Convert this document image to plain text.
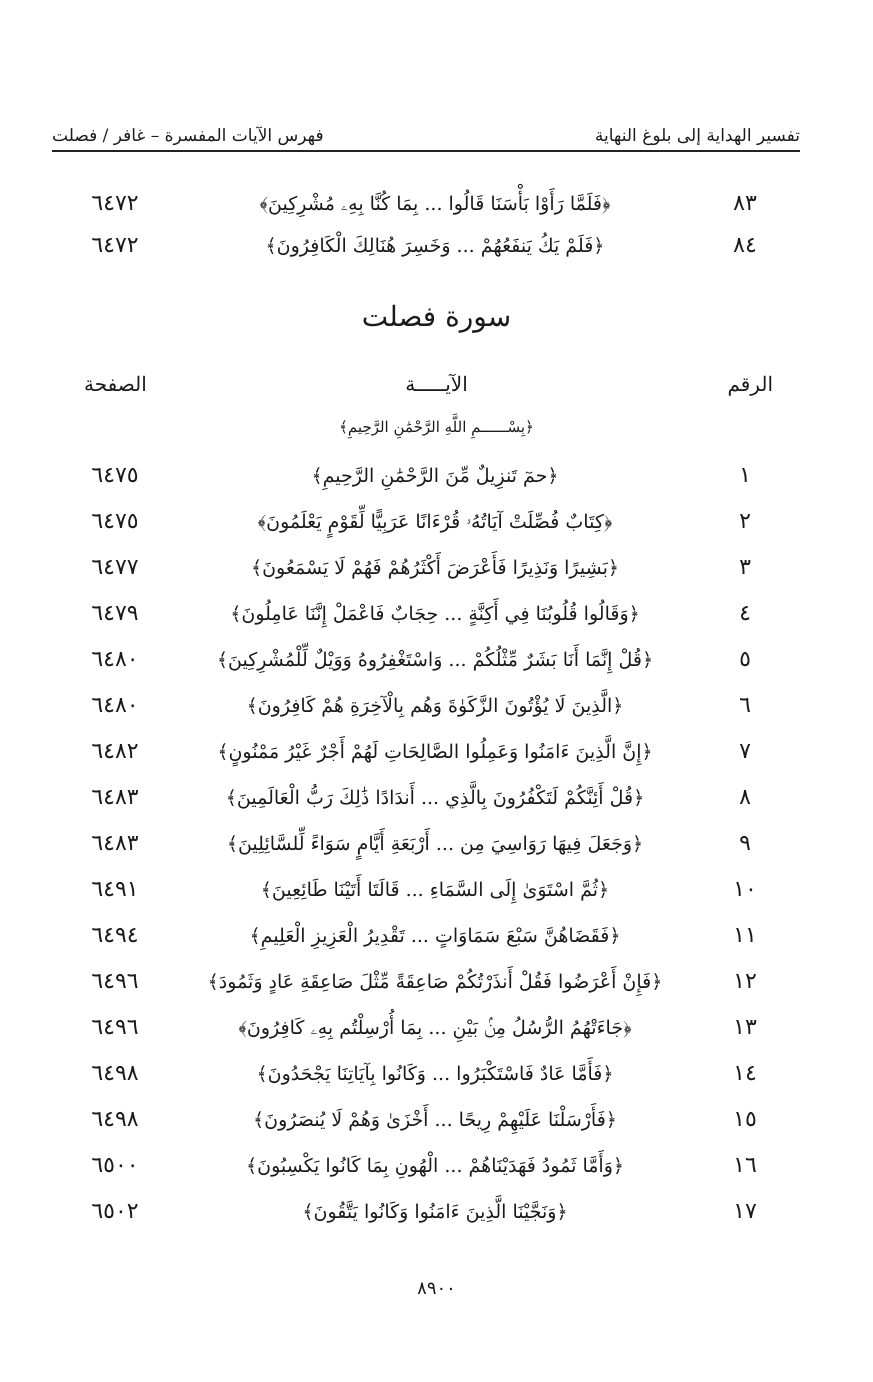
فهرس الآيات المفسرة – غافر / فصلت	تفسير الهداية إلى بلوغ النهاية
٨٣
﴿فَلَمَّا رَأَوْا بَأْسَنَا قَالُوا ... بِمَا كُنَّا بِهِۦ مُشْرِكِينَ﴾
٦٤٧٢
٨٤
﴿فَلَمْ يَكُ يَنفَعُهُمْ ... وَخَسِرَ هُنَالِكَ الْكَافِرُونَ﴾
٦٤٧٢
سورة فصلت
الرقم
الآيـــــة
الصفحة
﴿بِسْــــــمِ اللَّهِ الرَّحْمَٰنِ الرَّحِيمِ﴾
١
﴿حمٓ تَنزِيلٌ مِّنَ الرَّحْمَٰنِ الرَّحِيمِ﴾
٦٤٧٥
٢
﴿كِتَابٌ فُصِّلَتْ آيَاتُهُۥ قُرْءَانًا عَرَبِيًّا لِّقَوْمٍ يَعْلَمُونَ﴾
٦٤٧٥
٣
﴿بَشِيرًا وَنَذِيرًا فَأَعْرَضَ أَكْثَرُهُمْ فَهُمْ لَا يَسْمَعُونَ﴾
٦٤٧٧
٤
﴿وَقَالُوا قُلُوبُنَا فِي أَكِنَّةٍ ... حِجَابٌ فَاعْمَلْ إِنَّنَا عَامِلُونَ﴾
٦٤٧٩
٥
﴿قُلْ إِنَّمَا أَنَا بَشَرٌ مِّثْلُكُمْ ... وَاسْتَغْفِرُوهُ وَوَيْلٌ لِّلْمُشْرِكِينَ﴾
٦٤٨٠
٦
﴿الَّذِينَ لَا يُؤْتُونَ الزَّكَوٰةَ وَهُم بِالْآخِرَةِ هُمْ كَافِرُونَ﴾
٦٤٨٠
٧
﴿إِنَّ الَّذِينَ ءَامَنُوا وَعَمِلُوا الصَّالِحَاتِ لَهُمْ أَجْرٌ غَيْرُ مَمْنُونٍ﴾
٦٤٨٢
٨
﴿قُلْ أَئِنَّكُمْ لَتَكْفُرُونَ بِالَّذِي ... أَندَادًا ذَٰلِكَ رَبُّ الْعَالَمِينَ﴾
٦٤٨٣
٩
﴿وَجَعَلَ فِيهَا رَوَاسِيَ مِن ... أَرْبَعَةِ أَيَّامٍ سَوَاءً لِّلسَّائِلِينَ﴾
٦٤٨٣
١٠
﴿ثُمَّ اسْتَوَىٰ إِلَى السَّمَاءِ ... قَالَتَا أَتَيْنَا طَائِعِينَ﴾
٦٤٩١
١١
﴿فَقَضَاهُنَّ سَبْعَ سَمَاوَاتٍ ... تَقْدِيرُ الْعَزِيزِ الْعَلِيمِ﴾
٦٤٩٤
١٢
﴿فَإِنْ أَعْرَضُوا فَقُلْ أَنذَرْتُكُمْ صَاعِقَةً مِّثْلَ صَاعِقَةِ عَادٍ وَثَمُودَ﴾
٦٤٩٦
١٣
﴿جَاءَتْهُمُ الرُّسُلُ مِنۢ بَيْنِ ... بِمَا أُرْسِلْتُم بِهِۦ كَافِرُونَ﴾
٦٤٩٦
١٤
﴿فَأَمَّا عَادٌ فَاسْتَكْبَرُوا ... وَكَانُوا بِآيَاتِنَا يَجْحَدُونَ﴾
٦٤٩٨
١٥
﴿فَأَرْسَلْنَا عَلَيْهِمْ رِيحًا ... أَخْزَىٰ وَهُمْ لَا يُنصَرُونَ﴾
٦٤٩٨
١٦
﴿وَأَمَّا ثَمُودُ فَهَدَيْنَاهُمْ ... الْهُونِ بِمَا كَانُوا يَكْسِبُونَ﴾
٦٥٠٠
١٧
﴿وَنَجَّيْنَا الَّذِينَ ءَامَنُوا وَكَانُوا يَتَّقُونَ﴾
٦٥٠٢
٨٩٠٠
